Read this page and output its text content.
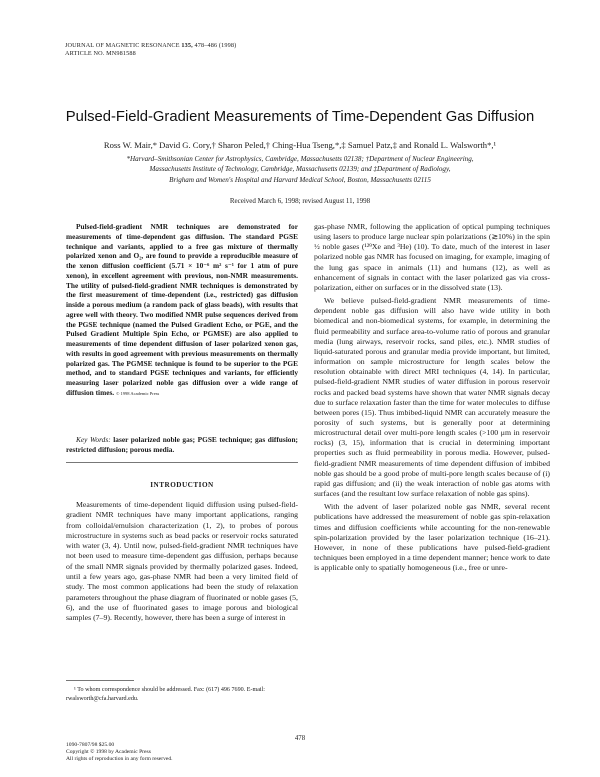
JOURNAL OF MAGNETIC RESONANCE 135, 478–486 (1998)
ARTICLE NO. MN981588
Pulsed-Field-Gradient Measurements of Time-Dependent Gas Diffusion
Ross W. Mair,* David G. Cory,† Sharon Peled,† Ching-Hua Tseng,*,‡ Samuel Patz,‡ and Ronald L. Walsworth*,¹
*Harvard–Smithsonian Center for Astrophysics, Cambridge, Massachusetts 02138; †Department of Nuclear Engineering,
Massachusetts Institute of Technology, Cambridge, Massachusetts 02139; and ‡Department of Radiology,
Brigham and Women's Hospital and Harvard Medical School, Boston, Massachusetts 02115
Received March 6, 1998; revised August 11, 1998
Pulsed-field-gradient NMR techniques are demonstrated for measurements of time-dependent gas diffusion. The standard PGSE technique and variants, applied to a free gas mixture of thermally polarized xenon and O₂, are found to provide a reproducible measure of the xenon diffusion coefficient (5.71 × 10⁻⁶ m² s⁻¹ for 1 atm of pure xenon), in excellent agreement with previous, non-NMR measurements. The utility of pulsed-field-gradient NMR techniques is demonstrated by the first measurement of time-dependent (i.e., restricted) gas diffusion inside a porous medium (a random pack of glass beads), with results that agree well with theory. Two modified NMR pulse sequences derived from the PGSE technique (named the Pulsed Gradient Echo, or PGE, and the Pulsed Gradient Multiple Spin Echo, or PGMSE) are also applied to measurements of time dependent diffusion of laser polarized xenon gas, with results in good agreement with previous measurements on thermally polarized gas. The PGMSE technique is found to be superior to the PGE method, and to standard PGSE techniques and variants, for efficiently measuring laser polarized noble gas diffusion over a wide range of diffusion times. © 1998 Academic Press
Key Words: laser polarized noble gas; PGSE technique; gas diffusion; restricted diffusion; porous media.
INTRODUCTION
Measurements of time-dependent liquid diffusion using pulsed-field-gradient NMR techniques have many important applications, ranging from colloidal/emulsion characterization (1, 2), to probes of porous microstructure in systems such as bead packs or reservoir rocks saturated with water (3, 4). Until now, pulsed-field-gradient NMR techniques have not been used to measure time-dependent gas diffusion, perhaps because of the small NMR signals provided by thermally polarized gases. Indeed, until a few years ago, gas-phase NMR had been a very limited field of study. The most common applications had been the study of relaxation parameters throughout the phase diagram of fluorinated or noble gases (5, 6), and the use of fluorinated gases to image porous and biological samples (7–9). Recently, however, there has been a surge of interest in

gas-phase NMR, following the application of optical pumping techniques using lasers to produce large nuclear spin polarizations (≳10%) in the spin ½ noble gases (¹²⁹Xe and ³He) (10). To date, much of the interest in laser polarized noble gas NMR has focused on imaging, for example, imaging of the lung gas space in animals (11) and humans (12), as well as enhancement of signals in contact with the laser polarized gas via cross-polarization, either on surfaces or in the dissolved state (13).

We believe pulsed-field-gradient NMR measurements of time-dependent noble gas diffusion will also have wide utility in both biomedical and non-biomedical systems, for example, in determining the fluid permeability and surface area-to-volume ratio of porous and granular media (lung airways, reservoir rocks, sand piles, etc.). NMR studies of liquid-saturated porous and granular media provide important, but limited, information on sample microstructure for length scales below the resolution obtainable with direct MRI techniques (4, 14). In particular, pulsed-field-gradient NMR studies of water diffusion in porous reservoir rocks and packed bead systems have shown that water NMR signals decay due to surface relaxation faster than the time for water molecules to diffuse between pores (15). Thus imbibed-liquid NMR can accurately measure the porosity of such systems, but is generally poor at determining microstructural detail over multi-pore length scales (>100 μm in reservoir rocks) (3, 15), information that is crucial in determining important properties such as fluid permeability in porous media. However, pulsed-field-gradient NMR measurements of time dependent diffusion of imbibed noble gas should be a good probe of multi-pore length scales because of (i) rapid gas diffusion; and (ii) the weak interaction of noble gas atoms with surfaces (and the resultant low surface relaxation of noble gas spins).

With the advent of laser polarized noble gas NMR, several recent publications have addressed the measurement of noble gas spin-relaxation times and diffusion coefficients while accounting for the non-renewable spin-polarization provided by the laser polarization technique (16–21). However, in none of these publications have pulsed-field-gradient techniques been employed in a time dependent manner; hence work to date is applicable only to spatially homogeneous (i.e., free or unre-

¹ To whom correspondence should be addressed. Fax: (617) 496 7690. E-mail: rwalsworth@cfa.harvard.edu.
478
1090-7807/98 $25.00
Copyright © 1998 by Academic Press
All rights of reproduction in any form reserved.
